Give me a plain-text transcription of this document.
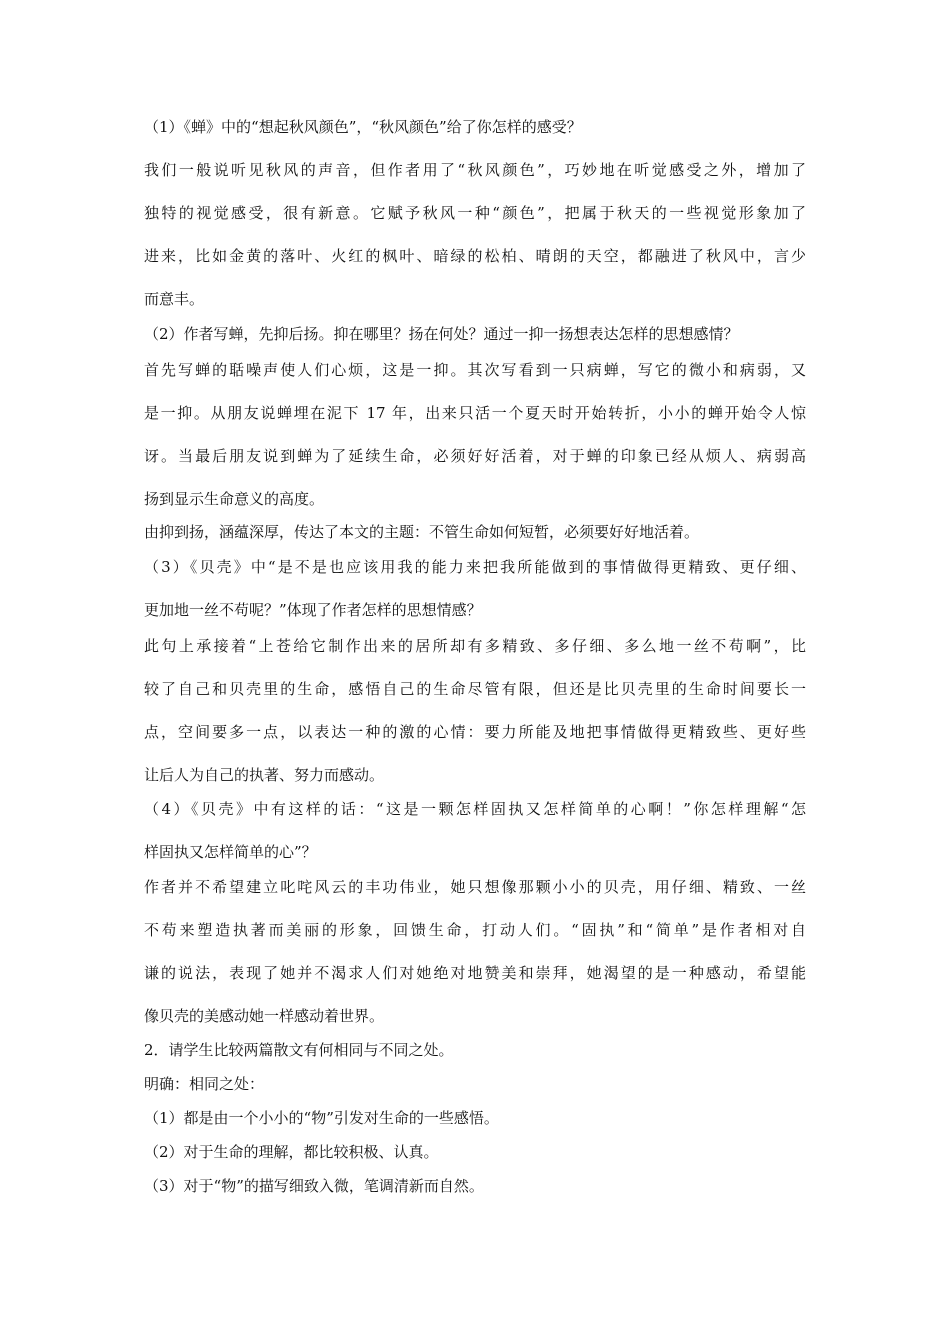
（1）《蝉》中的“想起秋风颜色”，“秋风颜色”给了你怎样的感受？
我们一般说听见秋风的声音，但作者用了“秋风颜色”，巧妙地在听觉感受之外，增加了
独特的视觉感受，很有新意。它赋予秋风一种“颜色”，把属于秋天的一些视觉形象加了
进来，比如金黄的落叶、火红的枫叶、暗绿的松柏、晴朗的天空，都融进了秋风中，言少
而意丰。
（2）作者写蝉，先抑后扬。抑在哪里？扬在何处？通过一抑一扬想表达怎样的思想感情？
首先写蝉的聒噪声使人们心烦，这是一抑。其次写看到一只病蝉，写它的微小和病弱，又
是一抑。从朋友说蝉埋在泥下 17 年，出来只活一个夏天时开始转折，小小的蝉开始令人惊
讶。当最后朋友说到蝉为了延续生命，必须好好活着，对于蝉的印象已经从烦人、病弱高
扬到显示生命意义的高度。
由抑到扬，涵蕴深厚，传达了本文的主题：不管生命如何短暂，必须要好好地活着。
（3）《贝壳》中“是不是也应该用我的能力来把我所能做到的事情做得更精致、更仔细、
更加地一丝不苟呢？”体现了作者怎样的思想情感？
此句上承接着“上苍给它制作出来的居所却有多精致、多仔细、多么地一丝不苟啊”，比
较了自己和贝壳里的生命，感悟自己的生命尽管有限，但还是比贝壳里的生命时间要长一
点，空间要多一点，以表达一种的激的心情：要力所能及地把事情做得更精致些、更好些
让后人为自己的执著、努力而感动。
（4）《贝壳》中有这样的话：“这是一颗怎样固执又怎样简单的心啊！”你怎样理解“怎
样固执又怎样简单的心”？
作者并不希望建立叱咤风云的丰功伟业，她只想像那颗小小的贝壳，用仔细、精致、一丝
不苟来塑造执著而美丽的形象，回馈生命，打动人们。“固执”和“简单”是作者相对自
谦的说法，表现了她并不渴求人们对她绝对地赞美和崇拜，她渴望的是一种感动，希望能
像贝壳的美感动她一样感动着世界。
2．请学生比较两篇散文有何相同与不同之处。
明确：相同之处：
（1）都是由一个小小的“物”引发对生命的一些感悟。
（2）对于生命的理解，都比较积极、认真。
（3）对于“物”的描写细致入微，笔调清新而自然。
